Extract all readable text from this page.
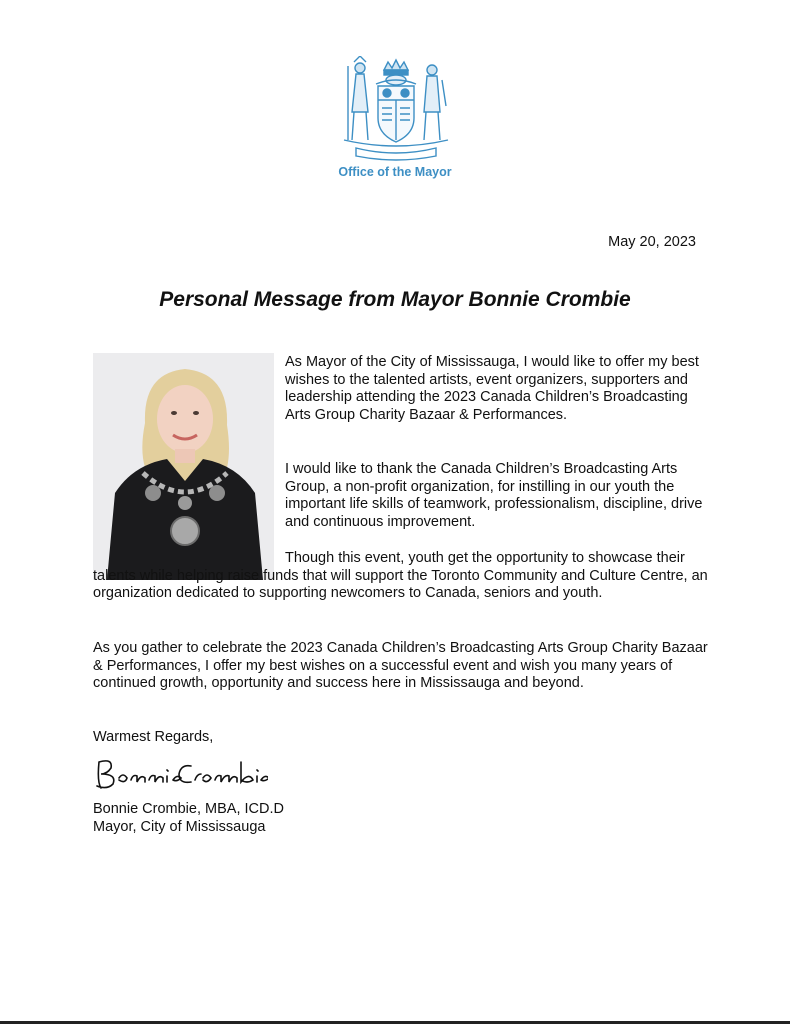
Office of the Mayor
May 20, 2023
Personal Message from Mayor Bonnie Crombie

As Mayor of the City of Mississauga, I would like to offer my best wishes to the talented artists, event organizers, supporters and leadership attending the 2023 Canada Children’s Broadcasting Arts Group Charity Bazaar & Performances.

I would like to thank the Canada Children’s Broadcasting Arts Group, a non-profit organization, for instilling in our youth the important life skills of teamwork, professionalism, discipline, drive and continuous improvement.

Though this event, youth get the opportunity to showcase their talents while helping raise funds that will support the Toronto Community and Culture Centre, an organization dedicated to supporting newcomers to Canada, seniors and youth.

As you gather to celebrate the 2023 Canada Children’s Broadcasting Arts Group Charity Bazaar & Performances, I offer my best wishes on a successful event and wish you many years of continued growth, opportunity and success here in Mississauga and beyond.

Warmest Regards,
Bonnie Crombie, MBA, ICD.D
Mayor, City of Mississauga
